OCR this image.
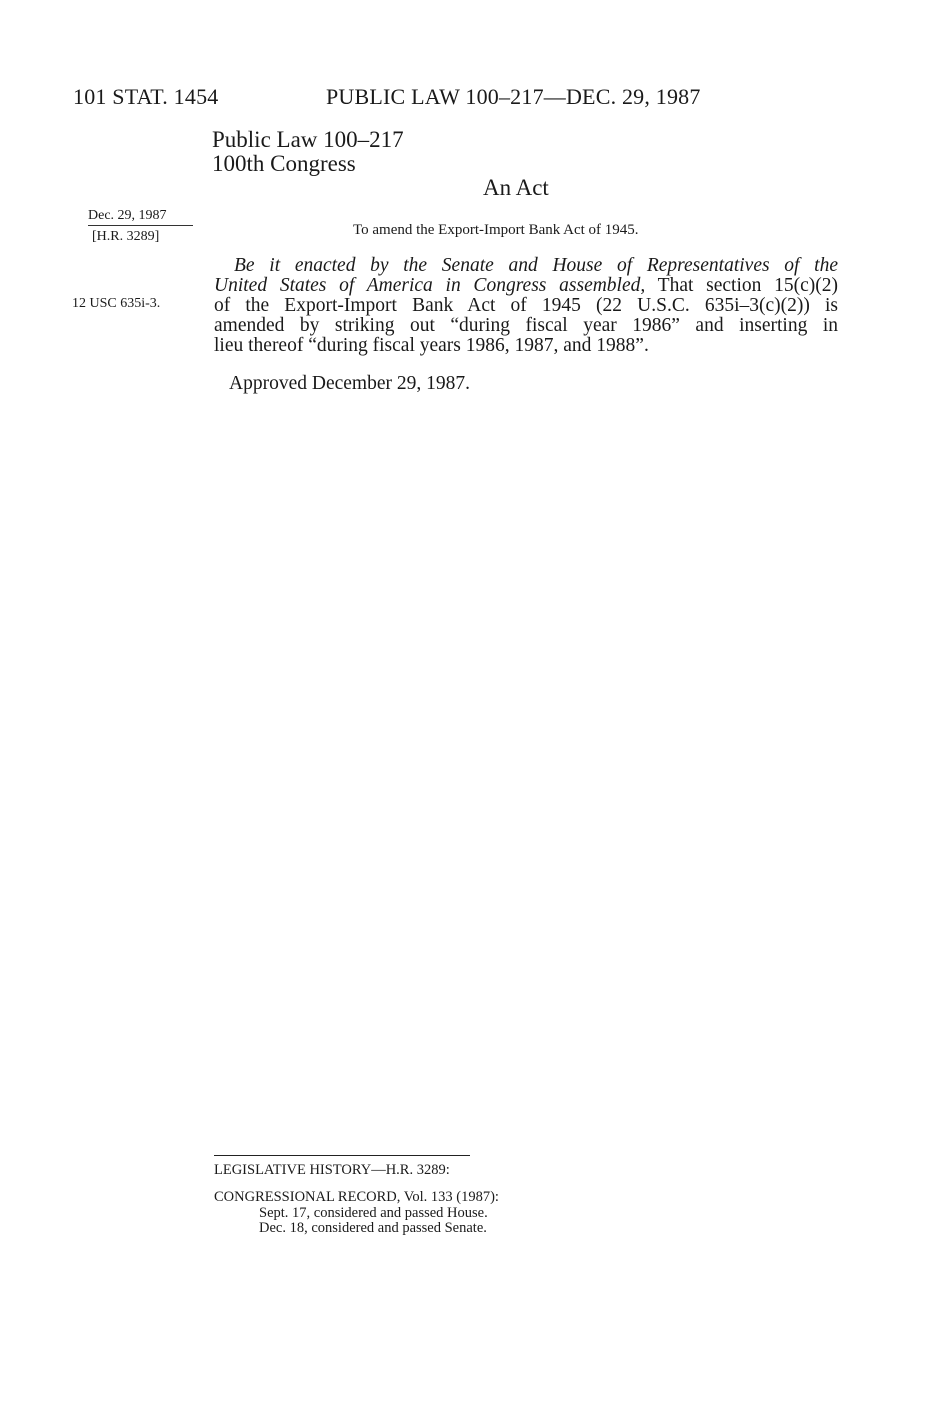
101 STAT. 1454	PUBLIC LAW 100–217—DEC. 29, 1987
Public Law 100–217
100th Congress
An Act
Dec. 29, 1987
[H.R. 3289]
12 USC 635i-3.
To amend the Export-Import Bank Act of 1945.
Be it enacted by the Senate and House of Representatives of the
United States of America in Congress assembled, That section 15(c)(2)
of the Export-Import Bank Act of 1945 (22 U.S.C. 635i–3(c)(2)) is
amended by striking out “during fiscal year 1986” and inserting in
lieu thereof “during fiscal years 1986, 1987, and 1988”.
Approved December 29, 1987.
LEGISLATIVE HISTORY—H.R. 3289:
CONGRESSIONAL RECORD, Vol. 133 (1987):
Sept. 17, considered and passed House.
Dec. 18, considered and passed Senate.
